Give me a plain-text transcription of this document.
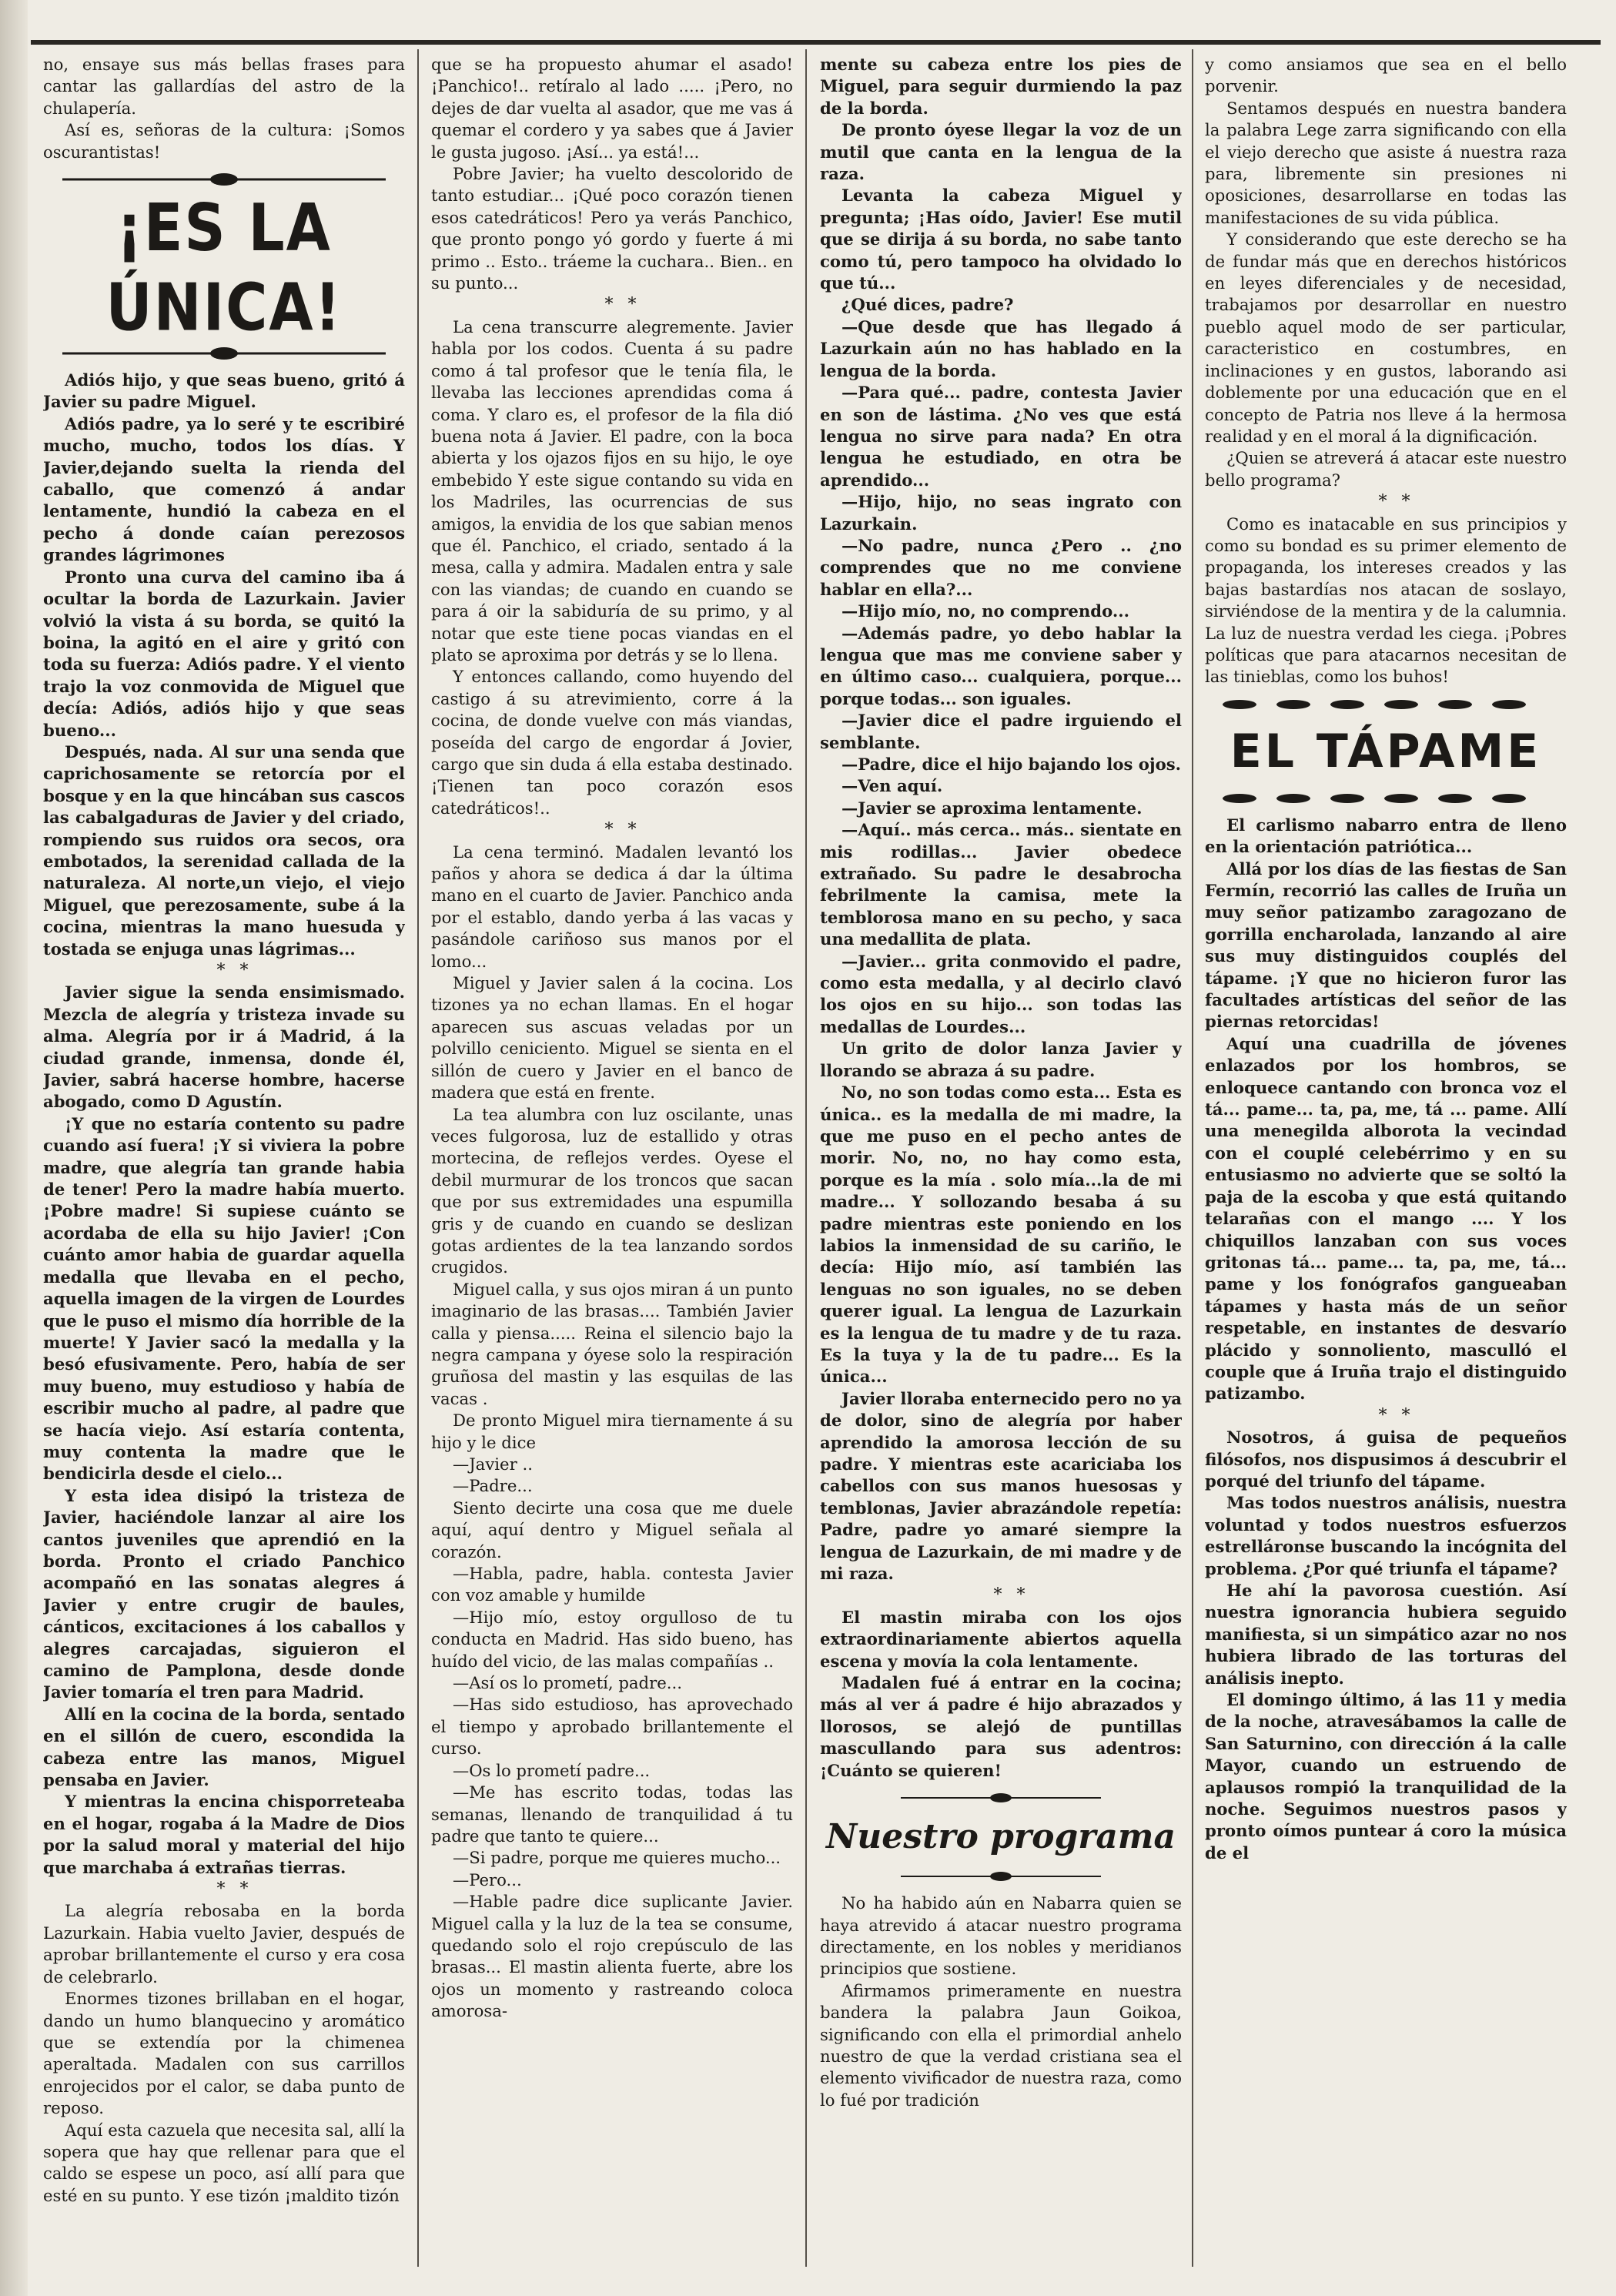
no, ensaye sus más bellas frases para cantar las gallardías del astro de la chulapería.

Así es, señoras de la cultura: ¡Somos oscurantistas!

¡ES LA ÚNICA!

Adiós hijo, y que seas bueno, gritó á Javier su padre Miguel.

Adiós padre, ya lo seré y te escribiré mucho, mucho, todos los días. Y Javier,dejando suelta la rienda del caballo, que comenzó á andar lentamente, hundió la cabeza en el pecho á donde caían perezosos grandes lágrimones

Pronto una curva del camino iba á ocultar la borda de Lazurkain. Javier volvió la vista á su borda, se quitó la boina, la agitó en el aire y gritó con toda su fuerza: Adiós padre. Y el viento trajo la voz conmovida de Miguel que decía: Adiós, adiós hijo y que seas bueno...

Después, nada. Al sur una senda que caprichosamente se retorcía por el bosque y en la que hincában sus cascos las cabalgaduras de Javier y del criado, rompiendo sus ruidos ora secos, ora embotados, la serenidad callada de la naturaleza. Al norte,un viejo, el viejo Miguel, que perezosamente, sube á la cocina, mientras la mano huesuda y tostada se enjuga unas lágrimas...

* *

Javier sigue la senda ensimismado. Mezcla de alegría y tristeza invade su alma. Alegría por ir á Madrid, á la ciudad grande, inmensa, donde él, Javier, sabrá hacerse hombre, hacerse abogado, como D Agustín.

¡Y que no estaría contento su padre cuando así fuera! ¡Y si viviera la pobre madre, que alegría tan grande habia de tener! Pero la madre había muerto. ¡Pobre madre! Si supiese cuánto se acordaba de ella su hijo Javier! ¡Con cuánto amor habia de guardar aquella medalla que llevaba en el pecho, aquella imagen de la virgen de Lourdes que le puso el mismo día horrible de la muerte! Y Javier sacó la medalla y la besó efusivamente. Pero, había de ser muy bueno, muy estudioso y había de escribir mucho al padre, al padre que se hacía viejo. Así estaría contenta, muy contenta la madre que le bendicirla desde el cielo...

Y esta idea disipó la tristeza de Javier, haciéndole lanzar al aire los cantos juveniles que aprendió en la borda. Pronto el criado Panchico acompañó en las sonatas alegres á Javier y entre crugir de baules, cánticos, excitaciones á los caballos y alegres carcajadas, siguieron el camino de Pamplona, desde donde Javier tomaría el tren para Madrid.

Allí en la cocina de la borda, sentado en el sillón de cuero, escondida la cabeza entre las manos, Miguel pensaba en Javier.

Y mientras la encina chisporreteaba en el hogar, rogaba á la Madre de Dios por la salud moral y material del hijo que marchaba á extrañas tierras.

* *

La alegría rebosaba en la borda Lazurkain. Habia vuelto Javier, después de aprobar brillantemente el curso y era cosa de celebrarlo.

Enormes tizones brillaban en el hogar, dando un humo blanquecino y aromático que se extendía por la chimenea aperaltada. Madalen con sus carrillos enrojecidos por el calor, se daba punto de reposo.

Aquí esta cazuela que necesita sal, allí la sopera que hay que rellenar para que el caldo se espese un poco, así allí para que esté en su punto. Y ese tizón ¡maldito tizón

que se ha propuesto ahumar el asado! ¡Panchico!.. retíralo al lado ..... ¡Pero, no dejes de dar vuelta al asador, que me vas á quemar el cordero y ya sabes que á Javier le gusta jugoso. ¡Así... ya está!...

Pobre Javier; ha vuelto descolorido de tanto estudiar... ¡Qué poco corazón tienen esos catedráticos! Pero ya verás Panchico, que pronto pongo yó gordo y fuerte á mi primo .. Esto.. tráeme la cuchara.. Bien.. en su punto...

* *

La cena transcurre alegremente. Javier habla por los codos. Cuenta á su padre como á tal profesor que le tenía fila, le llevaba las lecciones aprendidas coma á coma. Y claro es, el profesor de la fila dió buena nota á Javier. El padre, con la boca abierta y los ojazos fijos en su hijo, le oye embebido Y este sigue contando su vida en los Madriles, las ocurrencias de sus amigos, la envidia de los que sabian menos que él. Panchico, el criado, sentado á la mesa, calla y admira. Madalen entra y sale con las viandas; de cuando en cuando se para á oir la sabiduría de su primo, y al notar que este tiene pocas viandas en el plato se aproxima por detrás y se lo llena.

Y entonces callando, como huyendo del castigo á su atrevimiento, corre á la cocina, de donde vuelve con más viandas, poseída del cargo de engordar á Jovier, cargo que sin duda á ella estaba destinado. ¡Tienen tan poco corazón esos catedráticos!..

* *

La cena terminó. Madalen levantó los paños y ahora se dedica á dar la última mano en el cuarto de Javier. Panchico anda por el establo, dando yerba á las vacas y pasándole cariñoso sus manos por el lomo...

Miguel y Javier salen á la cocina. Los tizones ya no echan llamas. En el hogar aparecen sus ascuas veladas por un polvillo ceniciento. Miguel se sienta en el sillón de cuero y Javier en el banco de madera que está en frente.

La tea alumbra con luz oscilante, unas veces fulgorosa, luz de estallido y otras mortecina, de reflejos verdes. Oyese el debil murmurar de los troncos que sacan que por sus extremidades una espumilla gris y de cuando en cuando se deslizan gotas ardientes de la tea lanzando sordos crugidos.

Miguel calla, y sus ojos miran á un punto imaginario de las brasas.... También Javier calla y piensa..... Reina el silencio bajo la negra campana y óyese solo la respiración gruñosa del mastin y las esquilas de las vacas .

De pronto Miguel mira tiernamente á su hijo y le dice

—Javier ..

—Padre...

Siento decirte una cosa que me duele aquí, aquí dentro y Miguel señala al corazón.

—Habla, padre, habla. contesta Javier con voz amable y humilde

—Hijo mío, estoy orgulloso de tu conducta en Madrid. Has sido bueno, has huído del vicio, de las malas compañías ..

—Así os lo prometí, padre...

—Has sido estudioso, has aprovechado el tiempo y aprobado brillantemente el curso.

—Os lo prometí padre...

—Me has escrito todas, todas las semanas, llenando de tranquilidad á tu padre que tanto te quiere...

—Si padre, porque me quieres mucho...

—Pero...

—Hable padre dice suplicante Javier. Miguel calla y la luz de la tea se consume, quedando solo el rojo crepúsculo de las brasas... El mastin alienta fuerte, abre los ojos un momento y rastreando coloca amorosa-

mente su cabeza entre los pies de Miguel, para seguir durmiendo la paz de la borda.

De pronto óyese llegar la voz de un mutil que canta en la lengua de la raza.

Levanta la cabeza Miguel y pregunta; ¡Has oído, Javier! Ese mutil que se dirija á su borda, no sabe tanto como tú, pero tampoco ha olvidado lo que tú...

¿Qué dices, padre?

—Que desde que has llegado á Lazurkain aún no has hablado en la lengua de la borda.

—Para qué... padre, contesta Javier en son de lástima. ¿No ves que está lengua no sirve para nada? En otra lengua he estudiado, en otra be aprendido...

—Hijo, hijo, no seas ingrato con Lazurkain.

—No padre, nunca ¿Pero .. ¿no comprendes que no me conviene hablar en ella?...

—Hijo mío, no, no comprendo...

—Además padre, yo debo hablar la lengua que mas me conviene saber y en último caso... cualquiera, porque... porque todas... son iguales.

—Javier dice el padre irguiendo el semblante.

—Padre, dice el hijo bajando los ojos.

—Ven aquí.

—Javier se aproxima lentamente.

—Aquí.. más cerca.. más.. sientate en mis rodillas... Javier obedece extrañado. Su padre le desabrocha febrilmente la camisa, mete la temblorosa mano en su pecho, y saca una medallita de plata.

—Javier... grita conmovido el padre, como esta medalla, y al decirlo clavó los ojos en su hijo... son todas las medallas de Lourdes...

Un grito de dolor lanza Javier y llorando se abraza á su padre.

No, no son todas como esta... Esta es única.. es la medalla de mi madre, la que me puso en el pecho antes de morir. No, no, no hay como esta, porque es la mía . solo mía...la de mi madre... Y sollozando besaba á su padre mientras este poniendo en los labios la inmensidad de su cariño, le decía: Hijo mío, así también las lenguas no son iguales, no se deben querer igual. La lengua de Lazurkain es la lengua de tu madre y de tu raza. Es la tuya y la de tu padre... Es la única...

Javier lloraba enternecido pero no ya de dolor, sino de alegría por haber aprendido la amorosa lección de su padre. Y mientras este acariciaba los cabellos con sus manos huesosas y temblonas, Javier abrazándole repetía: Padre, padre yo amaré siempre la lengua de Lazurkain, de mi madre y de mi raza.

* *

El mastin miraba con los ojos extraordinariamente abiertos aquella escena y movía la cola lentamente.

Madalen fué á entrar en la cocina; más al ver á padre é hijo abrazados y llorosos, se alejó de puntillas mascullando para sus adentros: ¡Cuánto se quieren!

Nuestro programa

No ha habido aún en Nabarra quien se haya atrevido á atacar nuestro programa directamente, en los nobles y meridianos principios que sostiene.

Afirmamos primeramente en nuestra bandera la palabra Jaun Goikoa, significando con ella el primordial anhelo nuestro de que la verdad cristiana sea el elemento vivificador de nuestra raza, como lo fué por tradición

y como ansiamos que sea en el bello porvenir.

Sentamos después en nuestra bandera la palabra Lege zarra significando con ella el viejo derecho que asiste á nuestra raza para, libremente sin presiones ni oposiciones, desarrollarse en todas las manifestaciones de su vida pública.

Y considerando que este derecho se ha de fundar más que en derechos históricos en leyes diferenciales y de necesidad, trabajamos por desarrollar en nuestro pueblo aquel modo de ser particular, caracteristico en costumbres, en inclinaciones y en gustos, laborando asi doblemente por una educación que en el concepto de Patria nos lleve á la hermosa realidad y en el moral á la dignificación.

¿Quien se atreverá á atacar este nuestro bello programa?

* *

Como es inatacable en sus principios y como su bondad es su primer elemento de propaganda, los intereses creados y las bajas bastardías nos atacan de soslayo, sirviéndose de la mentira y de la calumnia. La luz de nuestra verdad les ciega. ¡Pobres políticas que para atacarnos necesitan de las tinieblas, como los buhos!

EL TÁPAME

El carlismo nabarro entra de lleno en la orientación patriótica...

Allá por los días de las fiestas de San Fermín, recorrió las calles de Iruña un muy señor patizambo zaragozano de gorrilla encharolada, lanzando al aire sus muy distinguidos couplés del tápame. ¡Y que no hicieron furor las facultades artísticas del señor de las piernas retorcidas!

Aquí una cuadrilla de jóvenes enlazados por los hombros, se enloquece cantando con bronca voz el tá... pame... ta, pa, me, tá ... pame. Allí una menegilda alborota la vecindad con el couplé celebérrimo y en su entusiasmo no advierte que se soltó la paja de la escoba y que está quitando telarañas con el mango .... Y los chiquillos lanzaban con sus voces gritonas tá... pame... ta, pa, me, tá... pame y los fonógrafos gangueaban tápames y hasta más de un señor respetable, en instantes de desvarío plácido y sonnoliento, masculló el couple que á Iruña trajo el distinguido patizambo.

* *

Nosotros, á guisa de pequeños filósofos, nos dispusimos á descubrir el porqué del triunfo del tápame.

Mas todos nuestros análisis, nuestra voluntad y todos nuestros esfuerzos estrelláronse buscando la incógnita del problema. ¿Por qué triunfa el tápame?

He ahí la pavorosa cuestión. Así nuestra ignorancia hubiera seguido manifiesta, si un simpático azar no nos hubiera librado de las torturas del análisis inepto.

El domingo último, á las 11 y media de la noche, atravesábamos la calle de San Saturnino, con dirección á la calle Mayor, cuando un estruendo de aplausos rompió la tranquilidad de la noche. Seguimos nuestros pasos y pronto oímos puntear á coro la música de el
